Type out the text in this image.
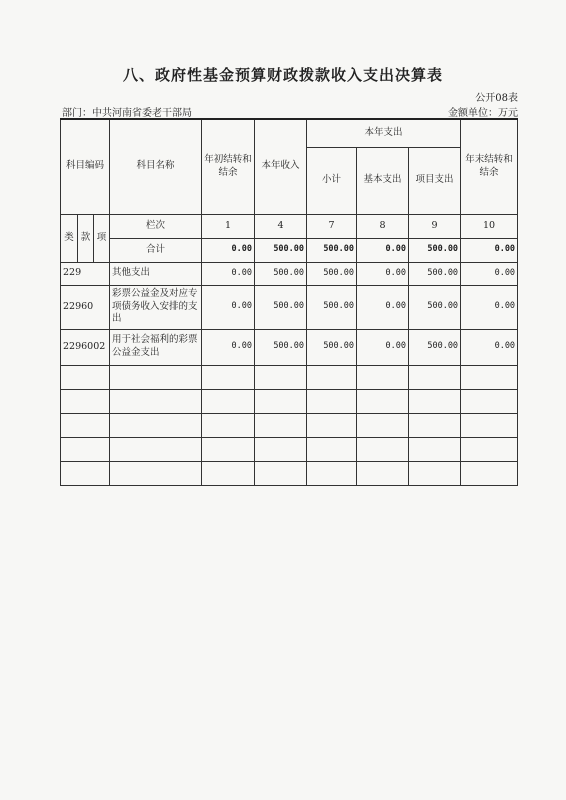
八、政府性基金预算财政拨款收入支出决算表
公开08表
部门：中共河南省委老干部局	金额单位：万元
科目编码			科目名称	年初结转和结余	本年收入	本年支出			年末结转和结余
						小计	基本支出	项目支出	

类	款	项	栏次	1	4	7	8	9	10
			合计	0.00	500.00	500.00	0.00	500.00	0.00
229			其他支出	0.00	500.00	500.00	0.00	500.00	0.00
22960			彩票公益金及对应专项债务收入安排的支出	0.00	500.00	500.00	0.00	500.00	0.00
2296002			用于社会福利的彩票公益金支出	0.00	500.00	500.00	0.00	500.00	0.00
